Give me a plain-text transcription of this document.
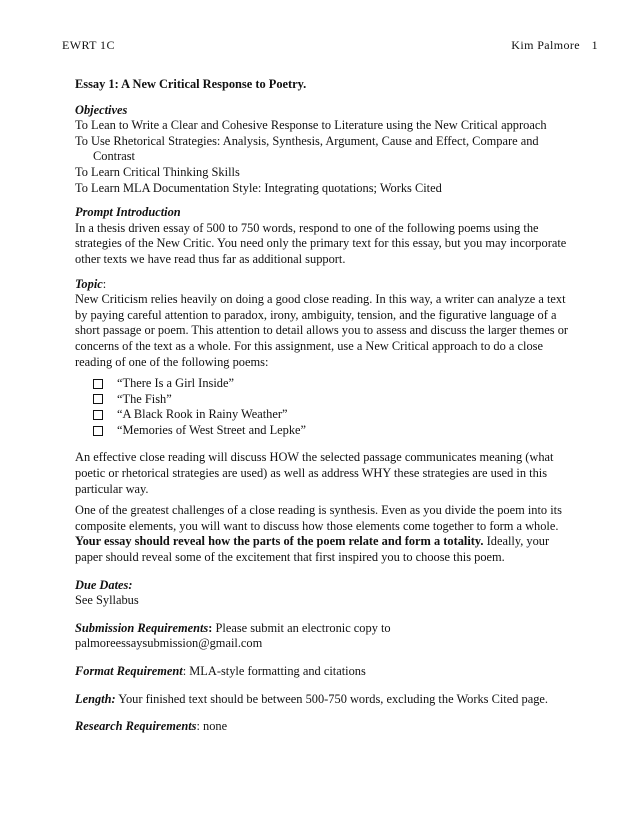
EWRT 1C	Kim Palmore 1

Essay 1: A New Critical Response to Poetry.

Objectives
To Lean to Write a Clear and Cohesive Response to Literature using the New Critical approach
To Use Rhetorical Strategies: Analysis, Synthesis, Argument, Cause and Effect, Compare and
Contrast
To Learn Critical Thinking Skills
To Learn MLA Documentation Style: Integrating quotations; Works Cited
Prompt Introduction

In a thesis driven essay of 500 to 750 words, respond to one of the following poems using the strategies of the New Critic. You need only the primary text for this essay, but you may incorporate other texts we have read thus far as additional support.

Topic:

New Criticism relies heavily on doing a good close reading. In this way, a writer can analyze a text by paying careful attention to paradox, irony, ambiguity, tension, and the figurative language of a short passage or poem. This attention to detail allows you to assess and discuss the larger themes or concerns of the text as a whole. For this assignment, use a New Critical approach to do a close reading of one of the following poems:

“There Is a Girl Inside”
“The Fish”
“A Black Rook in Rainy Weather”
“Memories of West Street and Lepke”

An effective close reading will discuss HOW the selected passage communicates meaning (what poetic or rhetorical strategies are used) as well as address WHY these strategies are used in this particular way.

One of the greatest challenges of a close reading is synthesis. Even as you divide the poem into its composite elements, you will want to discuss how those elements come together to form a whole. Your essay should reveal how the parts of the poem relate and form a totality. Ideally, your paper should reveal some of the excitement that first inspired you to choose this poem.

Due Dates:
See Syllabus
Submission Requirements: Please submit an electronic copy to
palmoreessaysubmission@gmail.com
Format Requirement: MLA-style formatting and citations
Length: Your finished text should be between 500-750 words, excluding the Works Cited page.
Research Requirements: none
